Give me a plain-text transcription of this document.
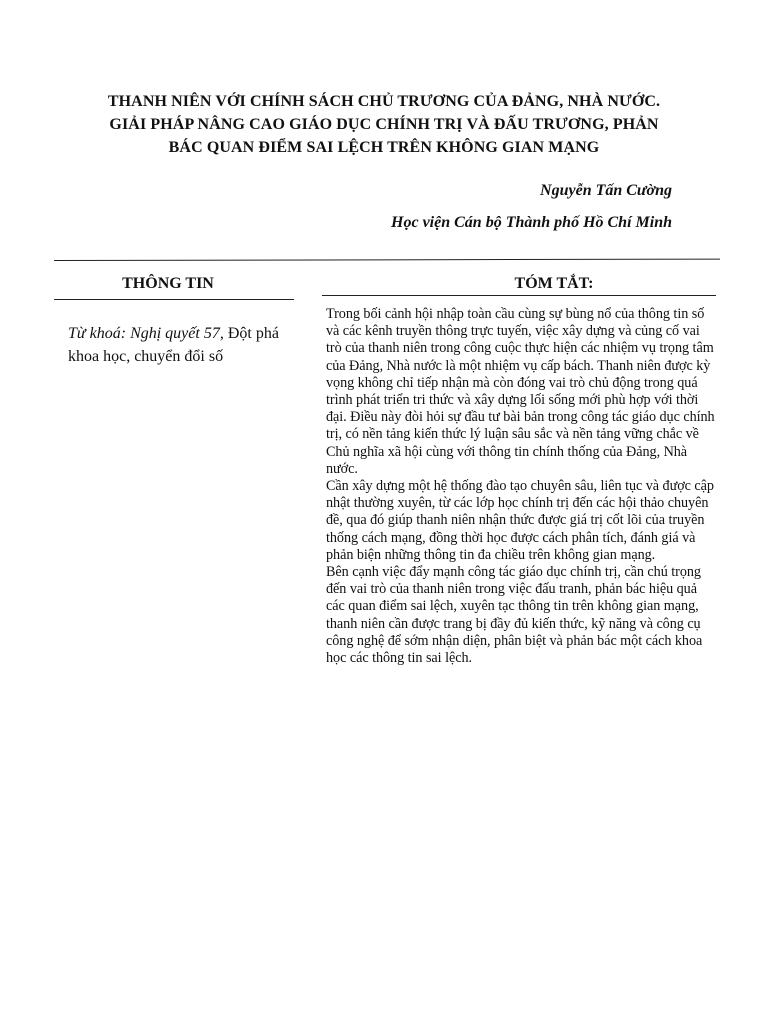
THANH NIÊN VỚI CHÍNH SÁCH CHỦ TRƯƠNG CỦA ĐẢNG, NHÀ NƯỚC. GIẢI PHÁP NÂNG CAO GIÁO DỤC CHÍNH TRỊ VÀ ĐẤU TRƯƠNG, PHẢN BÁC QUAN ĐIỂM SAI LỆCH TRÊN KHÔNG GIAN MẠNG
Nguyễn Tấn Cường
Học viện Cán bộ Thành phố Hồ Chí Minh
THÔNG TIN	TÓM TẮT:
Từ khoá: Nghị quyết 57, Đột phá khoa học, chuyển đổi số

Trong bối cảnh hội nhập toàn cầu cùng sự bùng nổ của thông tin số và các kênh truyền thông trực tuyến, việc xây dựng và củng cố vai trò của thanh niên trong công cuộc thực hiện các nhiệm vụ trọng tâm của Đảng, Nhà nước là một nhiệm vụ cấp bách. Thanh niên được kỳ vọng không chỉ tiếp nhận mà còn đóng vai trò chủ động trong quá trình phát triển tri thức và xây dựng lối sống mới phù hợp với thời đại. Điều này đòi hỏi sự đầu tư bài bản trong công tác giáo dục chính trị, có nền tảng kiến thức lý luận sâu sắc và nền tảng vững chắc về Chủ nghĩa xã hội cùng với thông tin chính thống của Đảng, Nhà nước.

Cần xây dựng một hệ thống đào tạo chuyên sâu, liên tục và được cập nhật thường xuyên, từ các lớp học chính trị đến các hội thảo chuyên đề, qua đó giúp thanh niên nhận thức được giá trị cốt lõi của truyền thống cách mạng, đồng thời học được cách phân tích, đánh giá và phản biện những thông tin đa chiều trên không gian mạng.

Bên cạnh việc đẩy mạnh công tác giáo dục chính trị, cần chú trọng đến vai trò của thanh niên trong việc đấu tranh, phản bác hiệu quả các quan điểm sai lệch, xuyên tạc thông tin trên không gian mạng, thanh niên cần được trang bị đầy đủ kiến thức, kỹ năng và công cụ công nghệ để sớm nhận diện, phân biệt và phản bác một cách khoa học các thông tin sai lệch.
